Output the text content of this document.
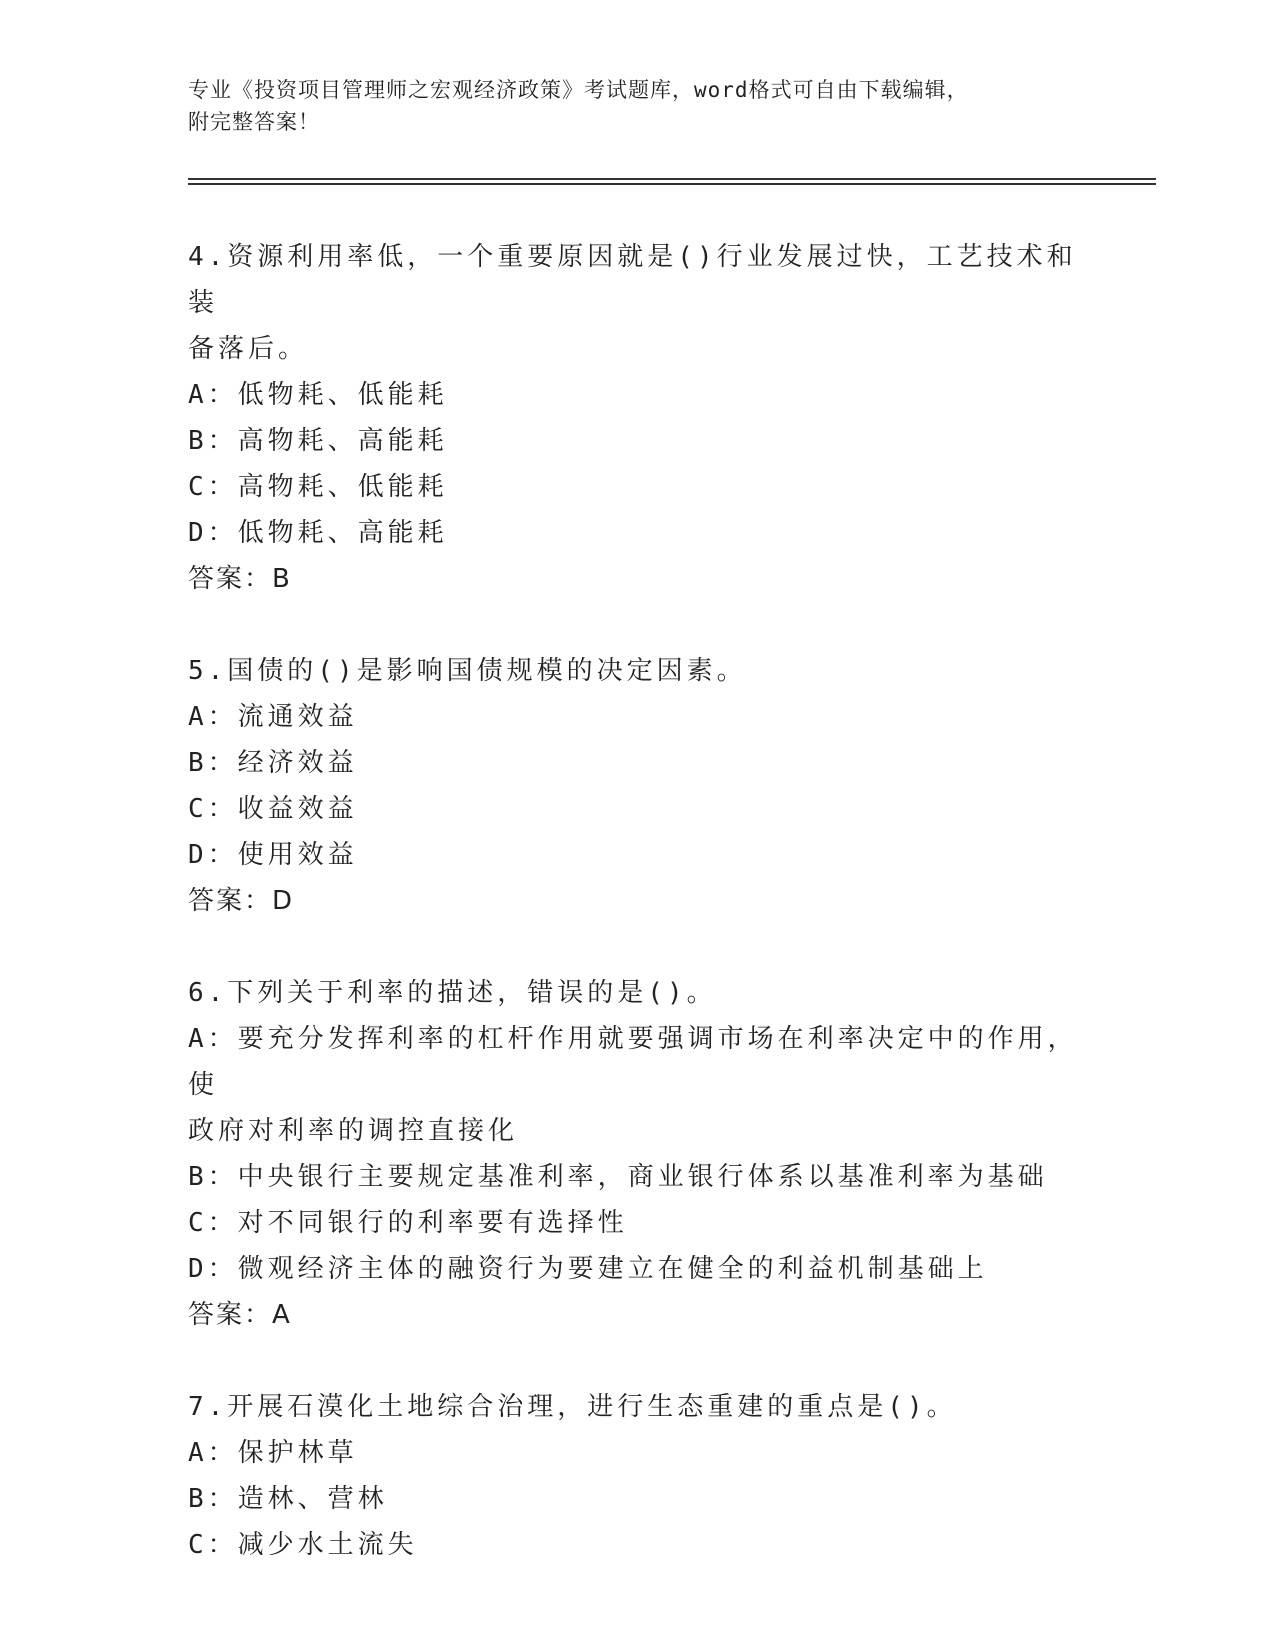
专业《投资项目管理师之宏观经济政策》考试题库，word格式可自由下载编辑，

附完整答案！

4.资源利用率低，一个重要原因就是()行业发展过快，工艺技术和装

备落后。

A：低物耗、低能耗

B：高物耗、高能耗

C：高物耗、低能耗

D：低物耗、高能耗

答案：B

5.国债的()是影响国债规模的决定因素。

A：流通效益

B：经济效益

C：收益效益

D：使用效益

答案：D

6.下列关于利率的描述，错误的是()。

A：要充分发挥利率的杠杆作用就要强调市场在利率决定中的作用，使

政府对利率的调控直接化

B：中央银行主要规定基准利率，商业银行体系以基准利率为基础

C：对不同银行的利率要有选择性

D：微观经济主体的融资行为要建立在健全的利益机制基础上

答案：A

7.开展石漠化土地综合治理，进行生态重建的重点是()。

A：保护林草

B：造林、营林

C：减少水土流失
